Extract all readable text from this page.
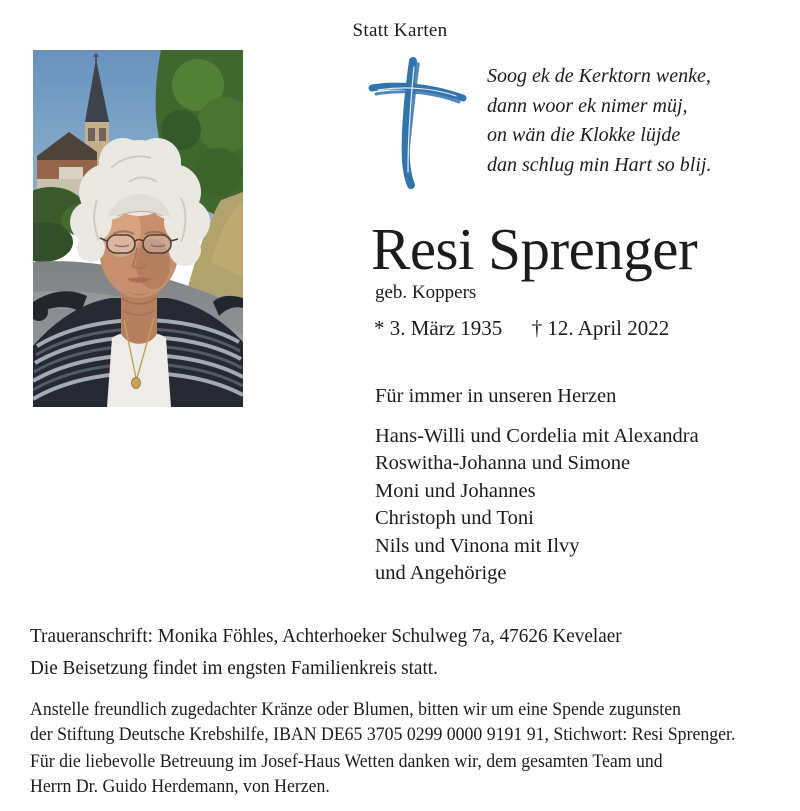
Statt Karten
Soog ek de Kerktorn wenke,
dann woor ek nimer müj,
on wän die Klokke lüjde
dan schlug min Hart so blij.
Resi Sprenger
geb. Koppers
* 3. März 1935 † 12. April 2022
Für immer in unseren Herzen
Hans-Willi und Cordelia mit Alexandra
Roswitha-Johanna und Simone
Moni und Johannes
Christoph und Toni
Nils und Vinona mit Ilvy
und Angehörige
Traueranschrift: Monika Föhles, Achterhoeker Schulweg 7a, 47626 Kevelaer
Die Beisetzung findet im engsten Familienkreis statt.
Anstelle freundlich zugedachter Kränze oder Blumen, bitten wir um eine Spende zugunsten
der Stiftung Deutsche Krebshilfe, IBAN DE65 3705 0299 0000 9191 91, Stichwort: Resi Sprenger.
Für die liebevolle Betreuung im Josef-Haus Wetten danken wir, dem gesamten Team und
Herrn Dr. Guido Herdemann, von Herzen.
